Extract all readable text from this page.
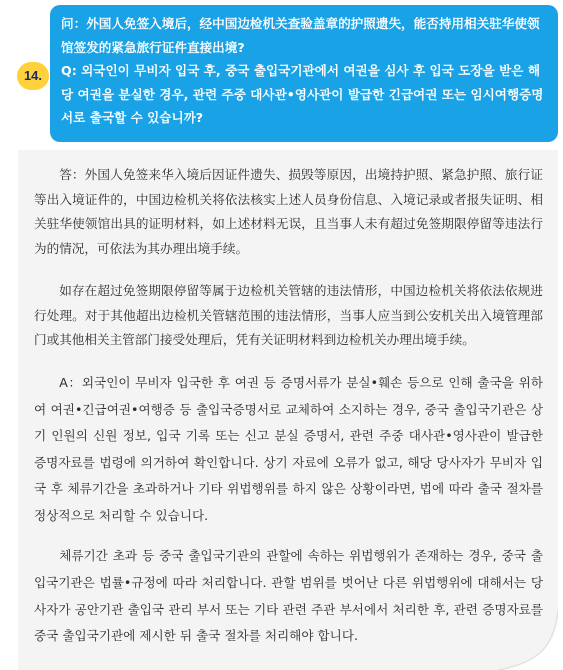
14.

问：外国人免签入境后，经中国边检机关查验盖章的护照遗失，能否持用相关驻华使领馆签发的紧急旅行证件直接出境?

Q: 외국인이 무비자 입국 후, 중국 출입국기관에서 여권을 심사 후 입국 도장을 받은 해당 여권을 분실한 경우, 관련 주중 대사관•영사관이 발급한 긴급여권 또는 임시여행증명서로 출국할 수 있습니까?

答：外国人免签来华入境后因证件遗失、损毁等原因，出境持护照、紧急护照、旅行证等出入境证件的，中国边检机关将依法核实上述人员身份信息、入境记录或者报失证明、相关驻华使领馆出具的证明材料，如上述材料无误，且当事人未有超过免签期限停留等违法行为的情况，可依法为其办理出境手续。

如存在超过免签期限停留等属于边检机关管辖的违法情形，中国边检机关将依法依规进行处理。对于其他超出边检机关管辖范围的违法情形，当事人应当到公安机关出入境管理部门或其他相关主管部门接受处理后，凭有关证明材料到边检机关办理出境手续。

A：외국인이 무비자 입국한 후 여권 등 증명서류가 분실•훼손 등으로 인해 출국을 위하여 여권•긴급여권•여행증 등 출입국증명서로 교체하여 소지하는 경우, 중국 출입국기관은 상기 인원의 신원 정보, 입국 기록 또는 신고 분실 증명서, 관련 주중 대사관•영사관이 발급한 증명자료를 법령에 의거하여 확인합니다. 상기 자료에 오류가 없고, 해당 당사자가 무비자 입국 후 체류기간을 초과하거나 기타 위법행위를 하지 않은 상황이라면, 법에 따라 출국 절차를 정상적으로 처리할 수 있습니다.

체류기간 초과 등 중국 출입국기관의 관할에 속하는 위법행위가 존재하는 경우, 중국 출입국기관은 법률•규정에 따라 처리합니다. 관할 범위를 벗어난 다른 위법행위에 대해서는 당사자가 공안기관 출입국 관리 부서 또는 기타 관련 주관 부서에서 처리한 후, 관련 증명자료를 중국 출입국기관에 제시한 뒤 출국 절차를 처리해야 합니다.
